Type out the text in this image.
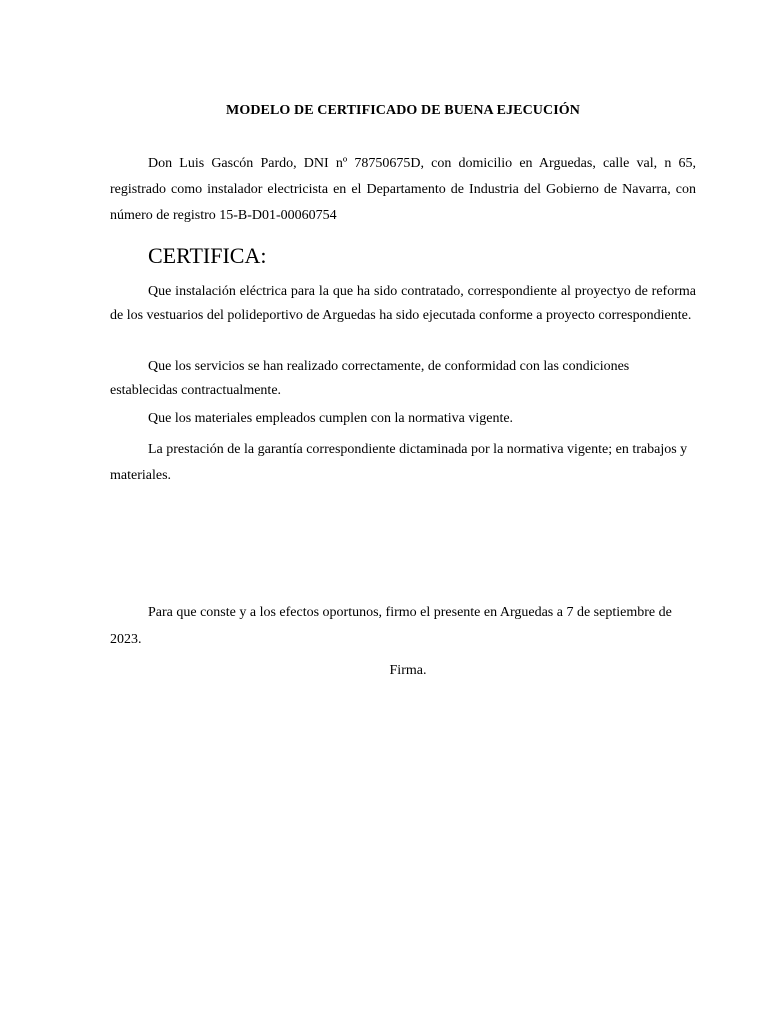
MODELO DE CERTIFICADO DE BUENA EJECUCIÓN

Don Luis Gascón Pardo, DNI nº 78750675D, con domicilio en Arguedas, calle val, n 65, registrado como instalador electricista en el Departamento de Industria del Gobierno de Navarra, con número de registro 15-B-D01-00060754

CERTIFICA:

Que instalación eléctrica para la que ha sido contratado, correspondiente al proyectyo de reforma de los vestuarios del polideportivo de Arguedas ha sido ejecutada conforme a proyecto correspondiente.

Que los servicios se han realizado correctamente, de conformidad con las condiciones establecidas contractualmente.

Que los materiales empleados cumplen con la normativa vigente.

La prestación de la garantía correspondiente dictaminada por la normativa vigente; en trabajos y materiales.

Para que conste y a los efectos oportunos, firmo el presente en Arguedas a 7 de septiembre de 2023.

Firma.
